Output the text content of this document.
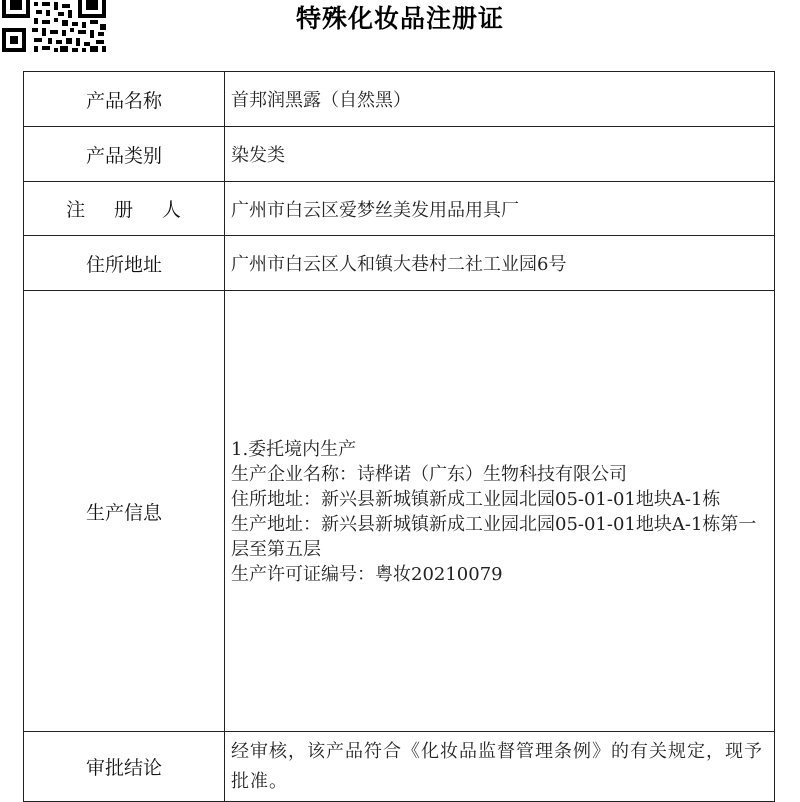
特殊化妆品注册证
产品名称	首邦润黑露（自然黑）
产品类别	染发类
注 册 人	广州市白云区爱梦丝美发用品用具厂
住所地址	广州市白云区人和镇大巷村二社工业园6号
生产信息	1.委托境内生产
生产企业名称：诗桦诺（广东）生物科技有限公司
住所地址：新兴县新城镇新成工业园北园05-01-01地块A-1栋
生产地址：新兴县新城镇新成工业园北园05-01-01地块A-1栋第一层至第五层
生产许可证编号：粤妆20210079

审批结论	经审核，该产品符合《化妆品监督管理条例》的有关规定，现予批准。
